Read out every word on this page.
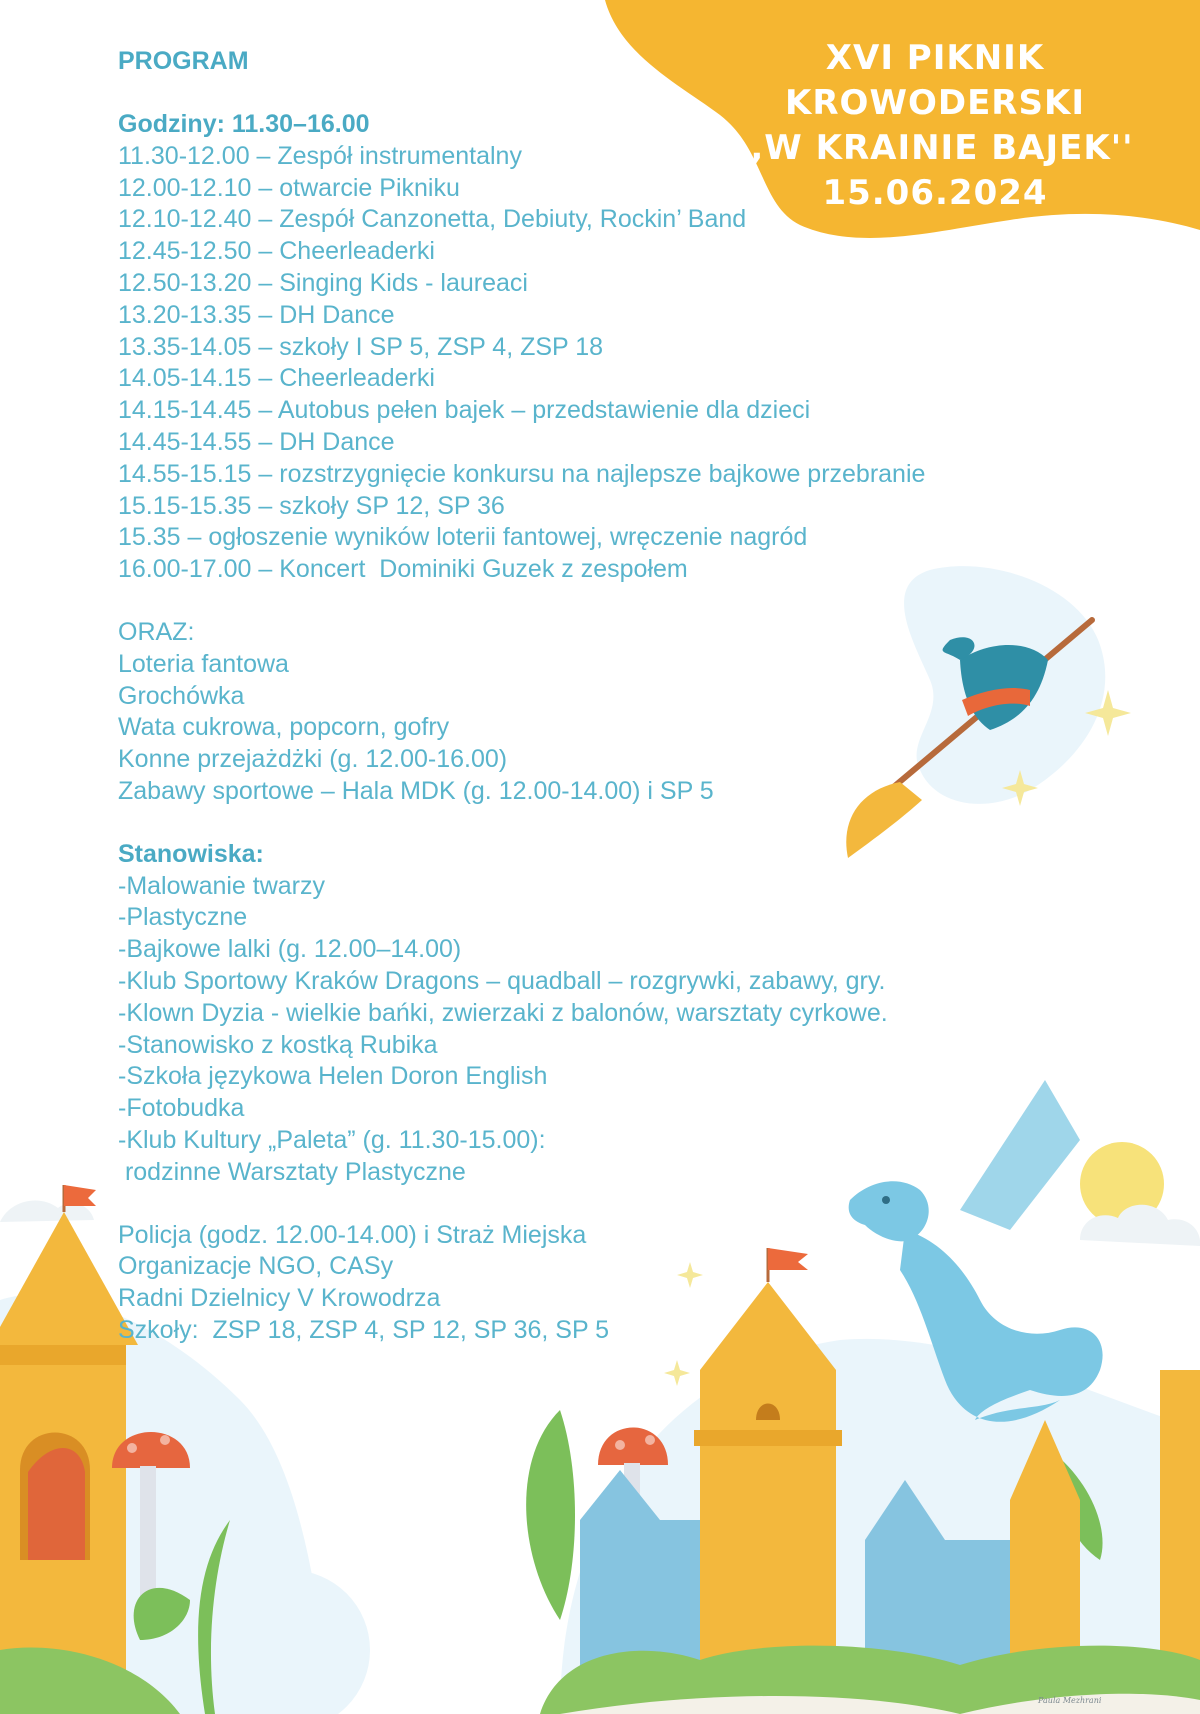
XVI PIKNIK KROWODERSKI
,,W KRAINIE BAJEK''
15.06.2024

PROGRAM

Godziny: 11.30–16.00

11.30-12.00 – Zespół instrumentalny

12.00-12.10 – otwarcie Pikniku

12.10-12.40 – Zespół Canzonetta, Debiuty, Rockin’ Band

12.45-12.50 – Cheerleaderki

12.50-13.20 – Singing Kids - laureaci

13.20-13.35 – DH Dance

13.35-14.05 – szkoły I SP 5, ZSP 4, ZSP 18

14.05-14.15 – Cheerleaderki

14.15-14.45 – Autobus pełen bajek – przedstawienie dla dzieci

14.45-14.55 – DH Dance

14.55-15.15 – rozstrzygnięcie konkursu na najlepsze bajkowe przebranie

15.15-15.35 – szkoły SP 12, SP 36

15.35 – ogłoszenie wyników loterii fantowej, wręczenie nagród

16.00-17.00 – Koncert  Dominiki Guzek z zespołem

ORAZ:

Loteria fantowa

Grochówka

Wata cukrowa, popcorn, gofry

Konne przejażdżki (g. 12.00-16.00)

Zabawy sportowe – Hala MDK (g. 12.00-14.00) i SP 5

Stanowiska:

-Malowanie twarzy

-Plastyczne

-Bajkowe lalki (g. 12.00–14.00)

-Klub Sportowy Kraków Dragons – quadball – rozgrywki, zabawy, gry.

-Klown Dyzia - wielkie bańki, zwierzaki z balonów, warsztaty cyrkowe.

-Stanowisko z kostką Rubika

-Szkoła językowa Helen Doron English

-Fotobudka

-Klub Kultury „Paleta” (g. 11.30-15.00):

rodzinne Warsztaty Plastyczne

Policja (godz. 12.00-14.00) i Straż Miejska

Organizacje NGO, CASy

Radni Dzielnicy V Krowodrza

Szkoły:  ZSP 18, ZSP 4, SP 12, SP 36, SP 5

Paula Mezhrani
